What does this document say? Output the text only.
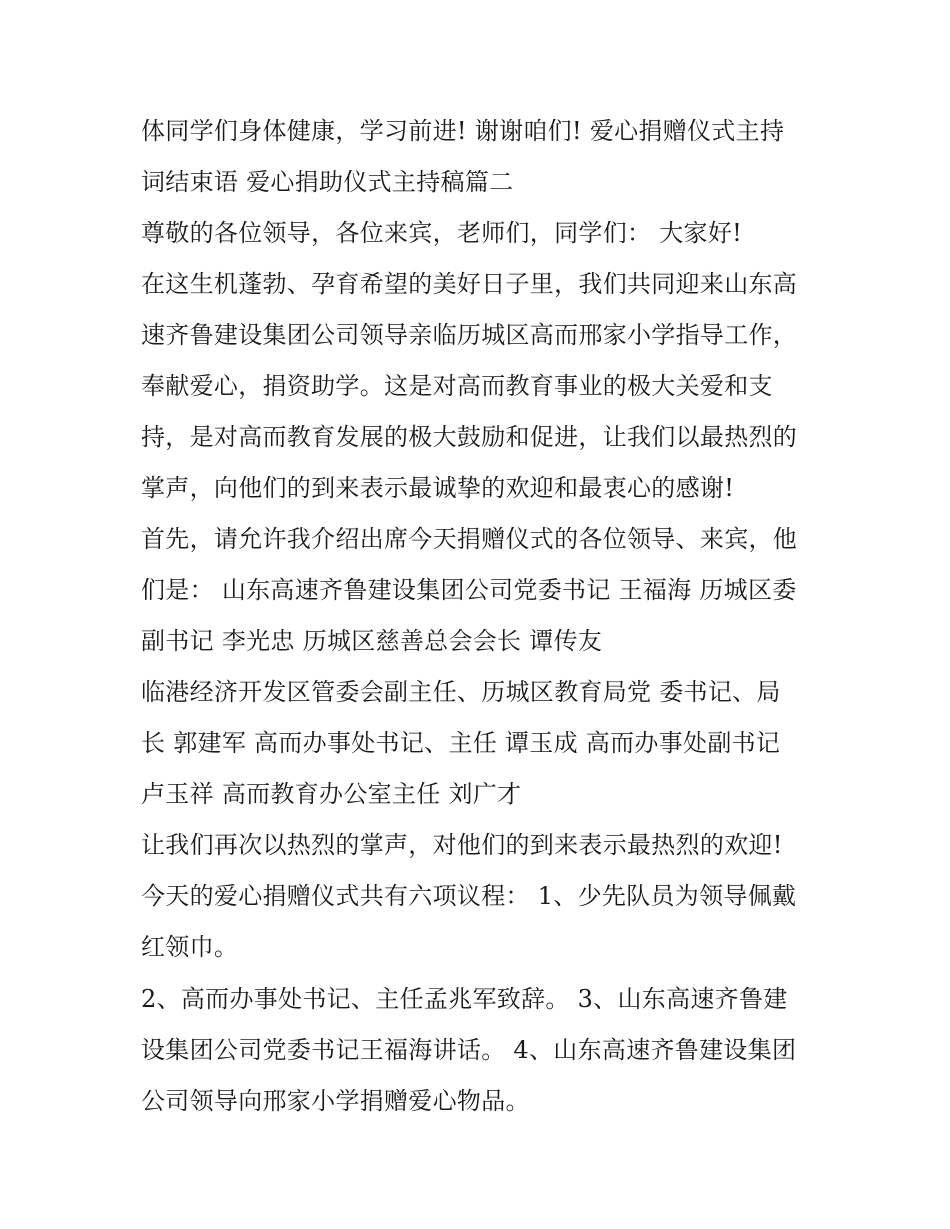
体同学们身体健康，学习前进! 谢谢咱们! 爱心捐赠仪式主持
词结束语 爱心捐助仪式主持稿篇二
尊敬的各位领导，各位来宾，老师们，同学们： 大家好!
在这生机蓬勃、孕育希望的美好日子里，我们共同迎来山东高
速齐鲁建设集团公司领导亲临历城区高而邢家小学指导工作，
奉献爱心，捐资助学。这是对高而教育事业的极大关爱和支
持，是对高而教育发展的极大鼓励和促进，让我们以最热烈的
掌声，向他们的到来表示最诚挚的欢迎和最衷心的感谢!
首先，请允许我介绍出席今天捐赠仪式的各位领导、来宾，他
们是： 山东高速齐鲁建设集团公司党委书记 王福海 历城区委
副书记 李光忠 历城区慈善总会会长 谭传友
临港经济开发区管委会副主任、历城区教育局党 委书记、局
长 郭建军 高而办事处书记、主任 谭玉成 高而办事处副书记
卢玉祥 高而教育办公室主任 刘广才
让我们再次以热烈的掌声，对他们的到来表示最热烈的欢迎!
今天的爱心捐赠仪式共有六项议程： 1、少先队员为领导佩戴
红领巾。
2、高而办事处书记、主任孟兆军致辞。 3、山东高速齐鲁建
设集团公司党委书记王福海讲话。 4、山东高速齐鲁建设集团
公司领导向邢家小学捐赠爱心物品。
